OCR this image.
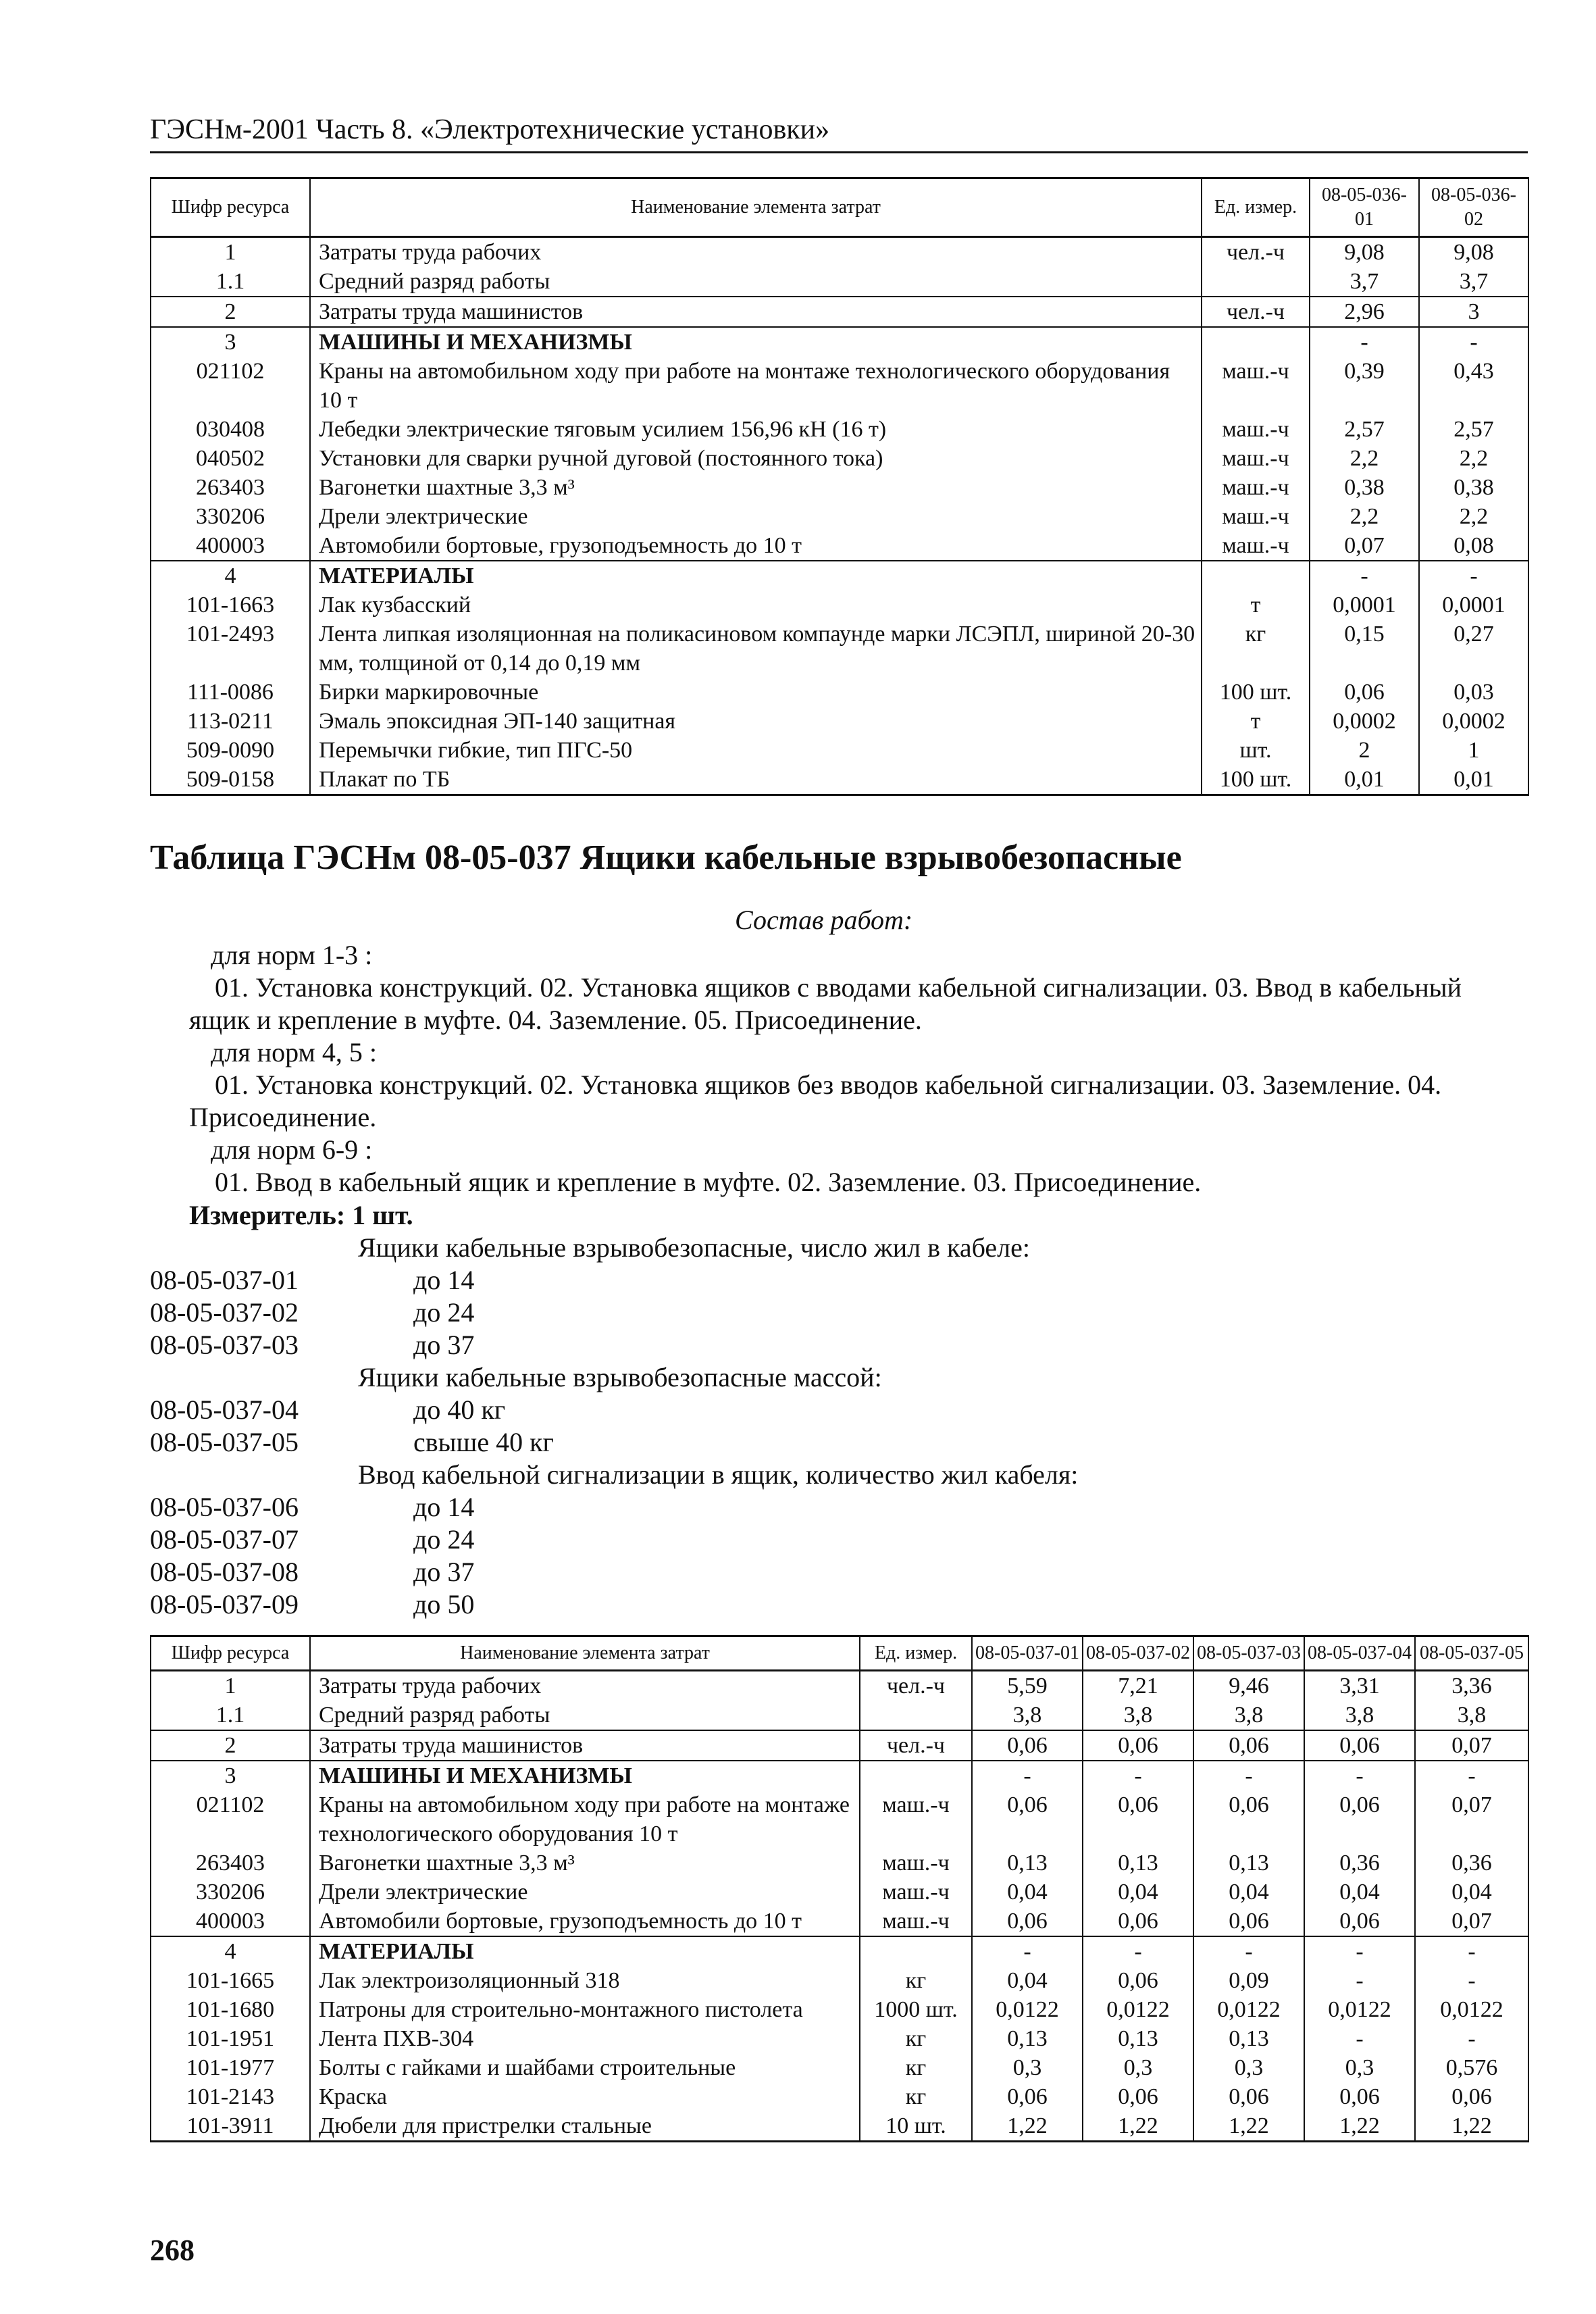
ГЭСНм-2001 Часть 8. «Электротехнические установки»
Шифр ресурса	Наименование элемента затрат	Ед. измер.	08-05-036-01	08-05-036-02
1	Затраты труда рабочих	чел.-ч	9,08	9,08
1.1	Средний разряд работы		3,7	3,7
2	Затраты труда машинистов	чел.-ч	2,96	3
3	МАШИНЫ И МЕХАНИЗМЫ		-	-
021102	Краны на автомобильном ходу при работе на монтаже технологического оборудования 10 т	маш.-ч	0,39	0,43
030408	Лебедки электрические тяговым усилием 156,96 кН (16 т)	маш.-ч	2,57	2,57
040502	Установки для сварки ручной дуговой (постоянного тока)	маш.-ч	2,2	2,2
263403	Вагонетки шахтные 3,3 м³	маш.-ч	0,38	0,38
330206	Дрели электрические	маш.-ч	2,2	2,2
400003	Автомобили бортовые, грузоподъемность до 10 т	маш.-ч	0,07	0,08
4	МАТЕРИАЛЫ		-	-
101-1663	Лак кузбасский	т	0,0001	0,0001
101-2493	Лента липкая изоляционная на поликасиновом компаунде марки ЛСЭПЛ, шириной 20-30 мм, толщиной от 0,14 до 0,19 мм	кг	0,15	0,27
111-0086	Бирки маркировочные	100 шт.	0,06	0,03
113-0211	Эмаль эпоксидная ЭП-140 защитная	т	0,0002	0,0002
509-0090	Перемычки гибкие, тип ПГС-50	шт.	2	1
509-0158	Плакат по ТБ	100 шт.	0,01	0,01
Таблица ГЭСНм 08-05-037 Ящики кабельные взрывобезопасные
Состав работ:
для норм 1-3 :
01. Установка конструкций. 02. Установка ящиков с вводами кабельной сигнализации. 03. Ввод в кабельный ящик и крепление в муфте. 04. Заземление. 05. Присоединение.
для норм 4, 5 :
01. Установка конструкций. 02. Установка ящиков без вводов кабельной сигнализации. 03. Заземление. 04. Присоединение.
для норм 6-9 :
01. Ввод в кабельный ящик и крепление в муфте. 02. Заземление. 03. Присоединение.
Измеритель: 1 шт.
Ящики кабельные взрывобезопасные, число жил в кабеле:
08-05-037-01	до 14
08-05-037-02	до 24
08-05-037-03	до 37
Ящики кабельные взрывобезопасные массой:
08-05-037-04	до 40 кг
08-05-037-05	свыше 40 кг
Ввод кабельной сигнализации в ящик, количество жил кабеля:
08-05-037-06	до 14
08-05-037-07	до 24
08-05-037-08	до 37
08-05-037-09	до 50
Шифр ресурса	Наименование элемента затрат	Ед. измер.	08-05-037-01	08-05-037-02	08-05-037-03	08-05-037-04	08-05-037-05
1	Затраты труда рабочих	чел.-ч	5,59	7,21	9,46	3,31	3,36
1.1	Средний разряд работы		3,8	3,8	3,8	3,8	3,8
2	Затраты труда машинистов	чел.-ч	0,06	0,06	0,06	0,06	0,07
3	МАШИНЫ И МЕХАНИЗМЫ		-	-	-	-	-
021102	Краны на автомобильном ходу при работе на монтаже технологического оборудования 10 т	маш.-ч	0,06	0,06	0,06	0,06	0,07
263403	Вагонетки шахтные 3,3 м³	маш.-ч	0,13	0,13	0,13	0,36	0,36
330206	Дрели электрические	маш.-ч	0,04	0,04	0,04	0,04	0,04
400003	Автомобили бортовые, грузоподъемность до 10 т	маш.-ч	0,06	0,06	0,06	0,06	0,07
4	МАТЕРИАЛЫ		-	-	-	-	-
101-1665	Лак электроизоляционный 318	кг	0,04	0,06	0,09	-	-
101-1680	Патроны для строительно-монтажного пистолета	1000 шт.	0,0122	0,0122	0,0122	0,0122	0,0122
101-1951	Лента ПХВ-304	кг	0,13	0,13	0,13	-	-
101-1977	Болты с гайками и шайбами строительные	кг	0,3	0,3	0,3	0,3	0,576
101-2143	Краска	кг	0,06	0,06	0,06	0,06	0,06
101-3911	Дюбели для пристрелки стальные	10 шт.	1,22	1,22	1,22	1,22	1,22
268
